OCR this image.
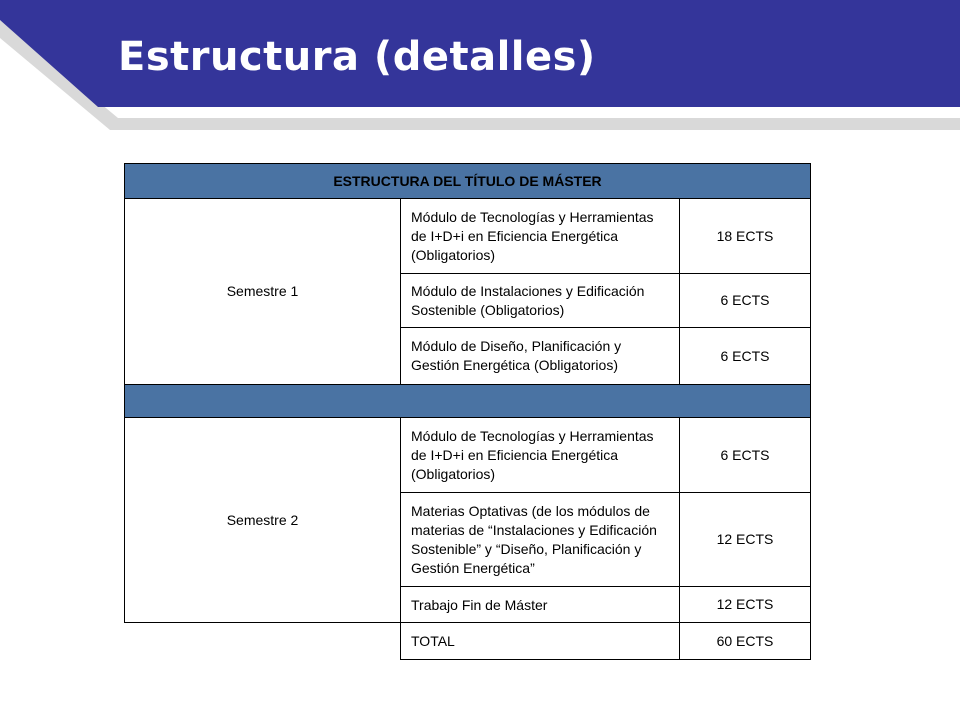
Estructura (detalles)
ESTRUCTURA DEL TÍTULO DE MÁSTER		
Semestre 1	Módulo de Tecnologías y Herramientas de I+D+i en Eficiencia Energética (Obligatorios)	18 ECTS
	Módulo de Instalaciones y Edificación Sostenible (Obligatorios)	6 ECTS
	Módulo de Diseño, Planificación y Gestión Energética (Obligatorios)	6 ECTS

Semestre 2	Módulo de Tecnologías y Herramientas de I+D+i en Eficiencia Energética (Obligatorios)	6 ECTS
	Materias Optativas (de los módulos de materias de “Instalaciones y Edificación Sostenible” y “Diseño, Planificación y Gestión Energética”	12 ECTS
	Trabajo Fin de Máster	12 ECTS
	TOTAL	60 ECTS
